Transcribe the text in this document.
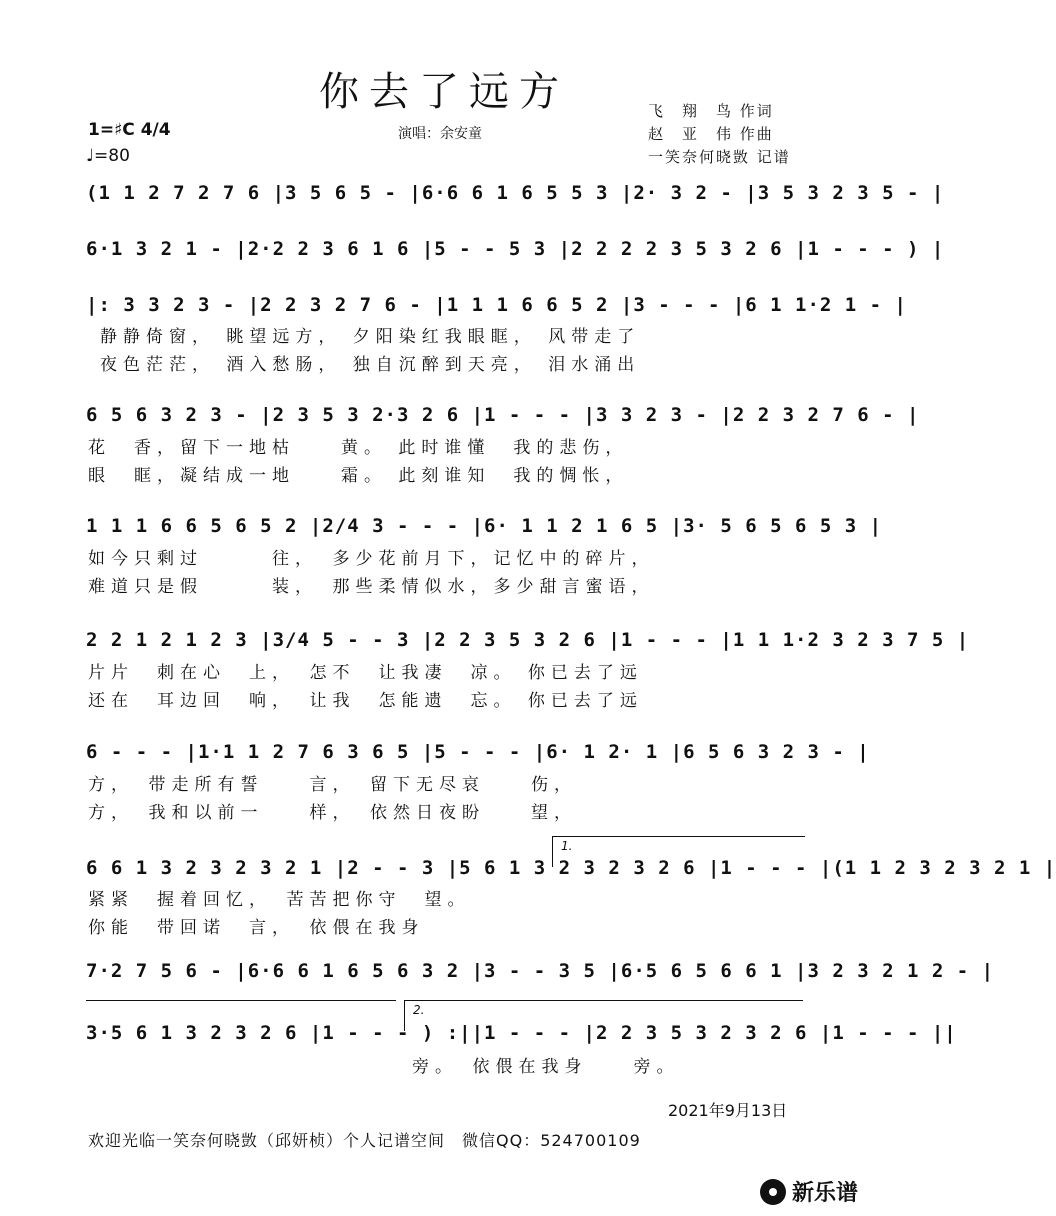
你去了远方
1=♯C 4/4
♩=80
演唱：余安童
飞　翔　鸟 作词
赵　亚　伟 作曲
一笑奈何晓敳 记谱
(1 1 2 7 2 7 6 |3 5 6 5 - |6·6 6 1 6 5 5 3 |2· 3 2 - |3 5 3 2 3 5 - |
6·1 3 2 1 - |2·2 2 3 6 1 6 |5 - - 5 3 |2 2 2 2 3 5 3 2 6 |1 - - - ) |
|: 3 3 2 3 - |2 2 3 2 7 6 - |1 1 1 6 6 5 2 |3 - - - |6 1 1·2 1 - |
静静倚窗， 眺望远方， 夕阳染红我眼眶， 风带走了
夜色茫茫， 酒入愁肠， 独自沉醉到天亮， 泪水涌出
6 5 6 3 2 3 - |2 3 5 3 2·3 2 6 |1 - - - |3 3 2 3 - |2 2 3 2 7 6 - |
花　香，留下一地枯　　黄。 此时谁懂　我的悲伤，
眼　眶，凝结成一地　　霜。 此刻谁知　我的惆怅，
1 1 1 6 6 5 6 5 2 |2/4 3 - - - |6· 1 1 2 1 6 5 |3· 5 6 5 6 5 3 |
如今只剩过　　　往，　多少花前月下，记忆中的碎片，
难道只是假　　　装，　那些柔情似水，多少甜言蜜语，
2 2 1 2 1 2 3 |3/4 5 - - 3 |2 2 3 5 3 2 6 |1 - - - |1 1 1·2 3 2 3 7 5 |
片片　刺在心　上，　怎不　让我凄　凉。 你已去了远
还在　耳边回　响，　让我　怎能遗　忘。 你已去了远
6 - - - |1·1 1 2 7 6 3 6 5 |5 - - - |6· 1 2· 1 |6 5 6 3 2 3 - |
方，　带走所有誓　　言，　留下无尽哀　　伤，
方，　我和以前一　　样，　依然日夜盼　　望，
1.
6 6 1 3 2 3 2 3 2 1 |2 - - 3 |5 6 1 3 2 3 2 3 2 6 |1 - - - |(1 1 2 3 2 3 2 1 |
紧紧　握着回忆，　苦苦把你守　望。
你能　带回诺　言，　依偎在我身
7·2 7 5 6 - |6·6 6 1 6 5 6 3 2 |3 - - 3 5 |6·5 6 5 6 6 1 |3 2 3 2 1 2 - |
2.
3·5 6 1 3 2 3 2 6 |1 - - - ) :||1 - - - |2 2 3 5 3 2 3 2 6 |1 - - - ||
旁。　依偎在我身　　旁。
2021年9月13日
欢迎光临一笑奈何晓敳（邱妍桢）个人记谱空间　微信QQ：524700109
新乐谱
